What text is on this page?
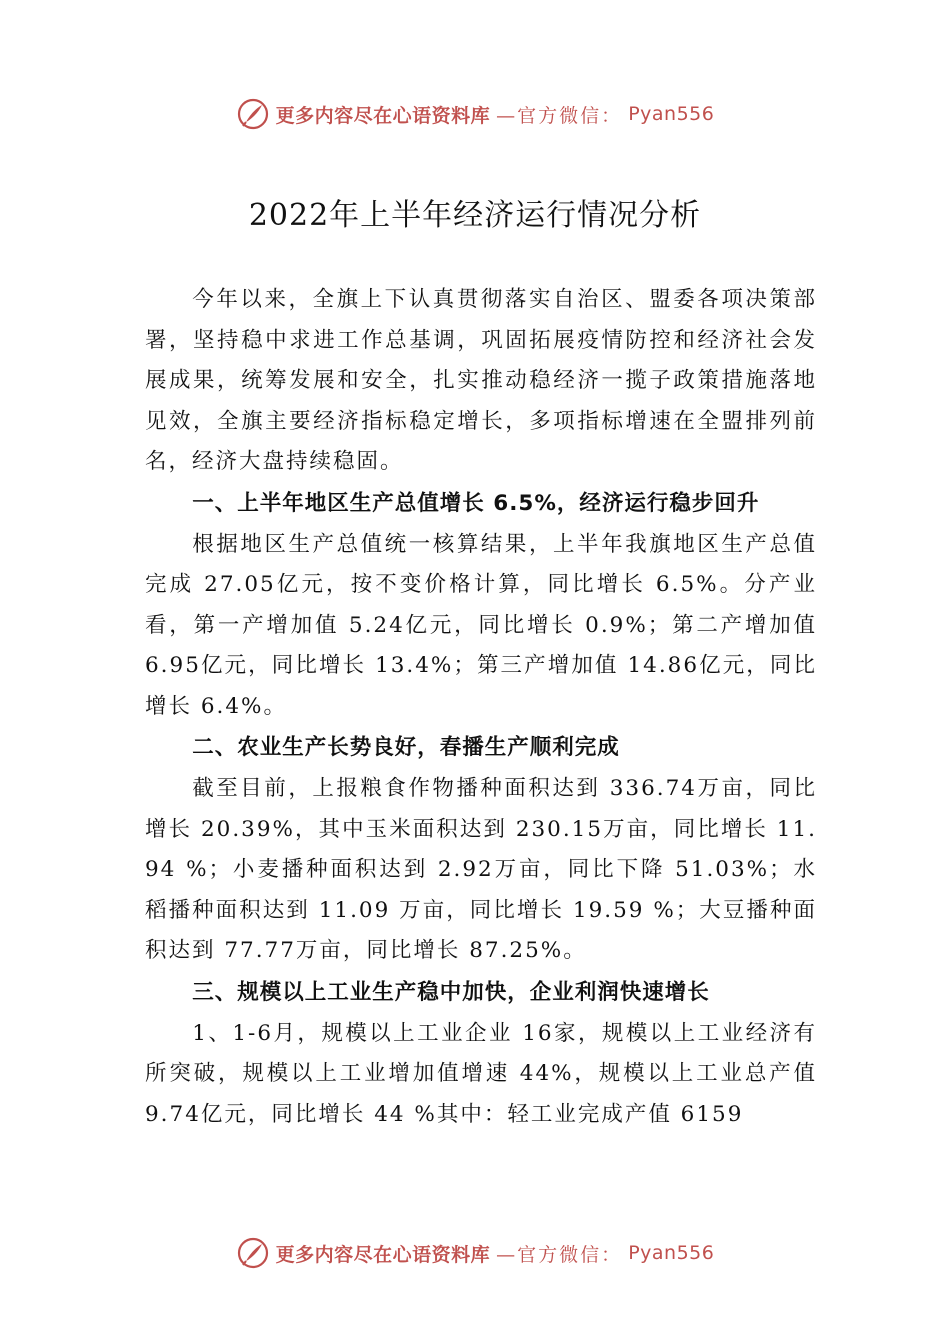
更多内容尽在心语资料库 —官方微信： Pyan556
2022年上半年经济运行情况分析

今年以来，全旗上下认真贯彻落实自治区、盟委各项决策部署，坚持稳中求进工作总基调，巩固拓展疫情防控和经济社会发展成果，统筹发展和安全，扎实推动稳经济一揽子政策措施落地见效，全旗主要经济指标稳定增长，多项指标增速在全盟排列前名，经济大盘持续稳固。

一、上半年地区生产总值增长 6.5%，经济运行稳步回升

根据地区生产总值统一核算结果，上半年我旗地区生产总值完成 27.05亿元，按不变价格计算，同比增长 6.5%。分产业看，第一产增加值 5.24亿元，同比增长 0.9%；第二产增加值 6.95亿元，同比增长 13.4%；第三产增加值 14.86亿元，同比增长 6.4%。

二、农业生产长势良好，春播生产顺利完成

截至目前，上报粮食作物播种面积达到 336.74万亩，同比增长 20.39%，其中玉米面积达到 230.15万亩，同比增长 11.94 %；小麦播种面积达到 2.92万亩，同比下降 51.03%；水稻播种面积达到 11.09 万亩，同比增长 19.59 %；大豆播种面积达到 77.77万亩，同比增长 87.25%。

三、规模以上工业生产稳中加快，企业利润快速增长

1、1-6月，规模以上工业企业 16家，规模以上工业经济有所突破，规模以上工业增加值增速 44%，规模以上工业总产值 9.74亿元，同比增长 44 %其中：轻工业完成产值 6159

更多内容尽在心语资料库 —官方微信： Pyan556
